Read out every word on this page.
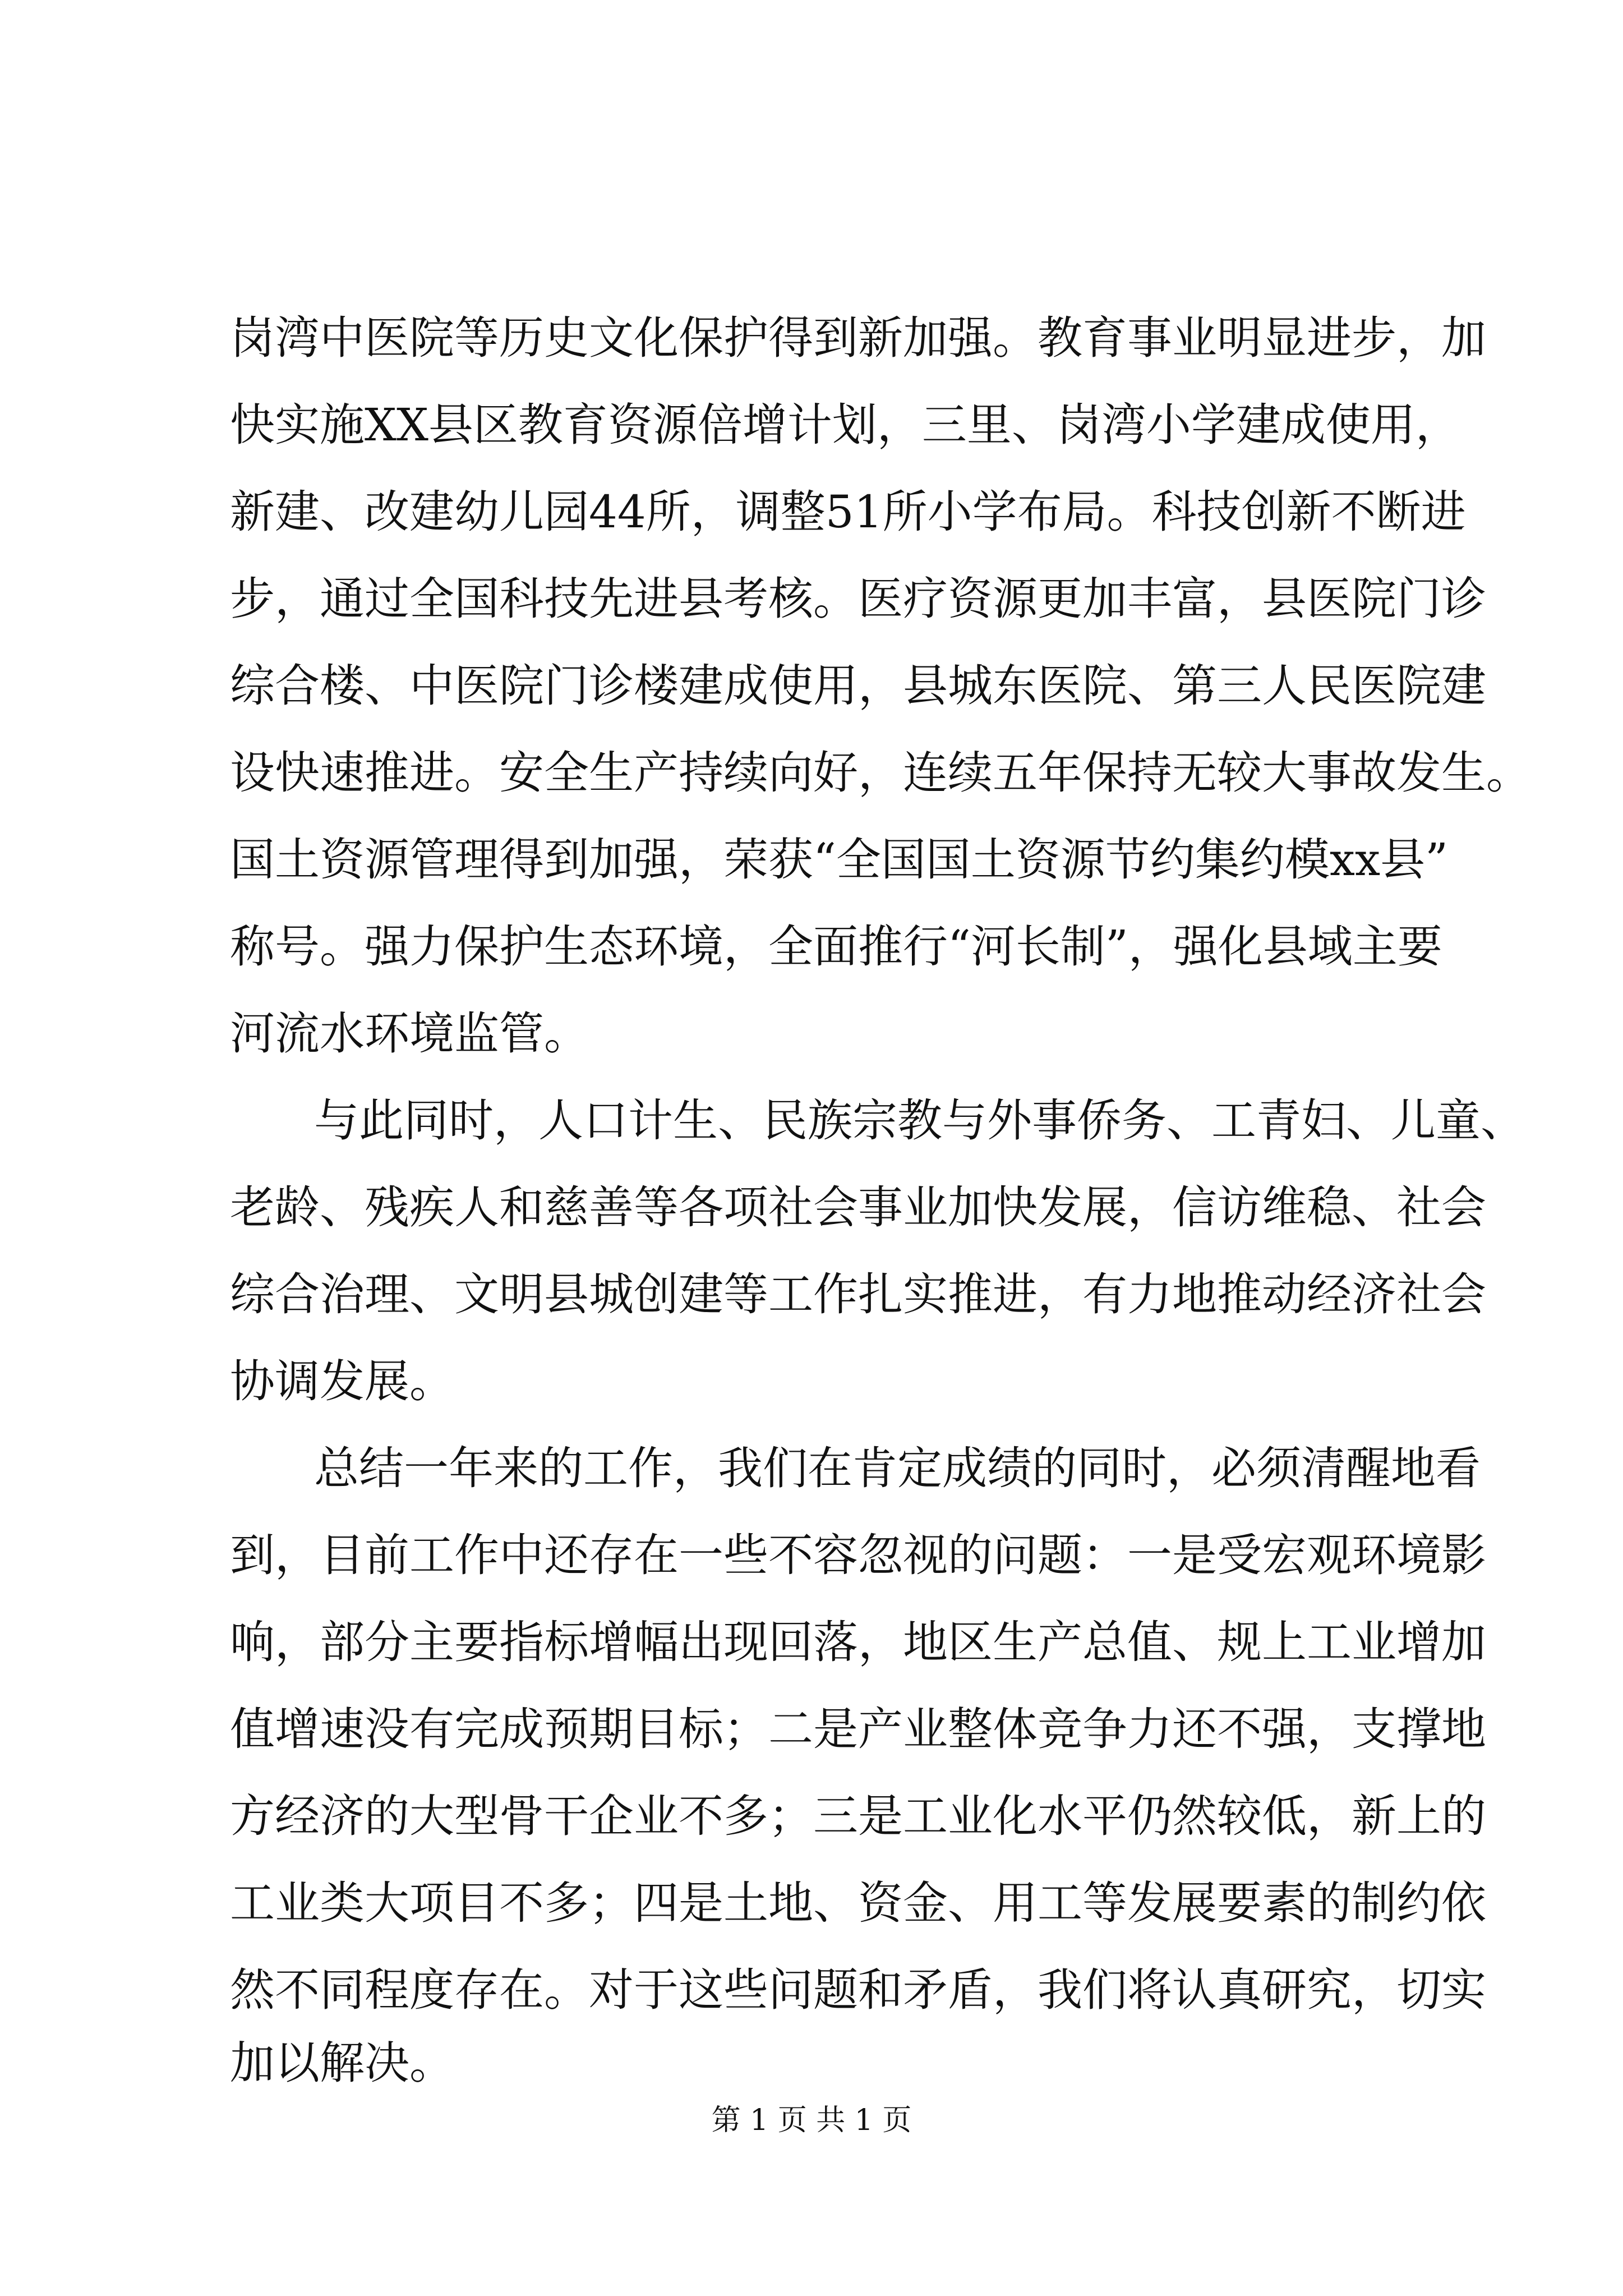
岗湾中医院等历史文化保护得到新加强。教育事业明显进步，加
快实施XX县区教育资源倍增计划，三里、岗湾小学建成使用，
新建、改建幼儿园44所，调整51所小学布局。科技创新不断进
步，通过全国科技先进县考核。医疗资源更加丰富，县医院门诊
综合楼、中医院门诊楼建成使用，县城东医院、第三人民医院建
设快速推进。安全生产持续向好，连续五年保持无较大事故发生。
国土资源管理得到加强，荣获“全国国土资源节约集约模xx县”
称号。强力保护生态环境，全面推行“河长制”，强化县域主要
河流水环境监管。
与此同时，人口计生、民族宗教与外事侨务、工青妇、儿童、
老龄、残疾人和慈善等各项社会事业加快发展，信访维稳、社会
综合治理、文明县城创建等工作扎实推进，有力地推动经济社会
协调发展。
总结一年来的工作，我们在肯定成绩的同时，必须清醒地看
到，目前工作中还存在一些不容忽视的问题：一是受宏观环境影
响，部分主要指标增幅出现回落，地区生产总值、规上工业增加
值增速没有完成预期目标；二是产业整体竞争力还不强，支撑地
方经济的大型骨干企业不多；三是工业化水平仍然较低，新上的
工业类大项目不多；四是土地、资金、用工等发展要素的制约依
然不同程度存在。对于这些问题和矛盾，我们将认真研究，切实
加以解决。
第 1 页 共 1 页
